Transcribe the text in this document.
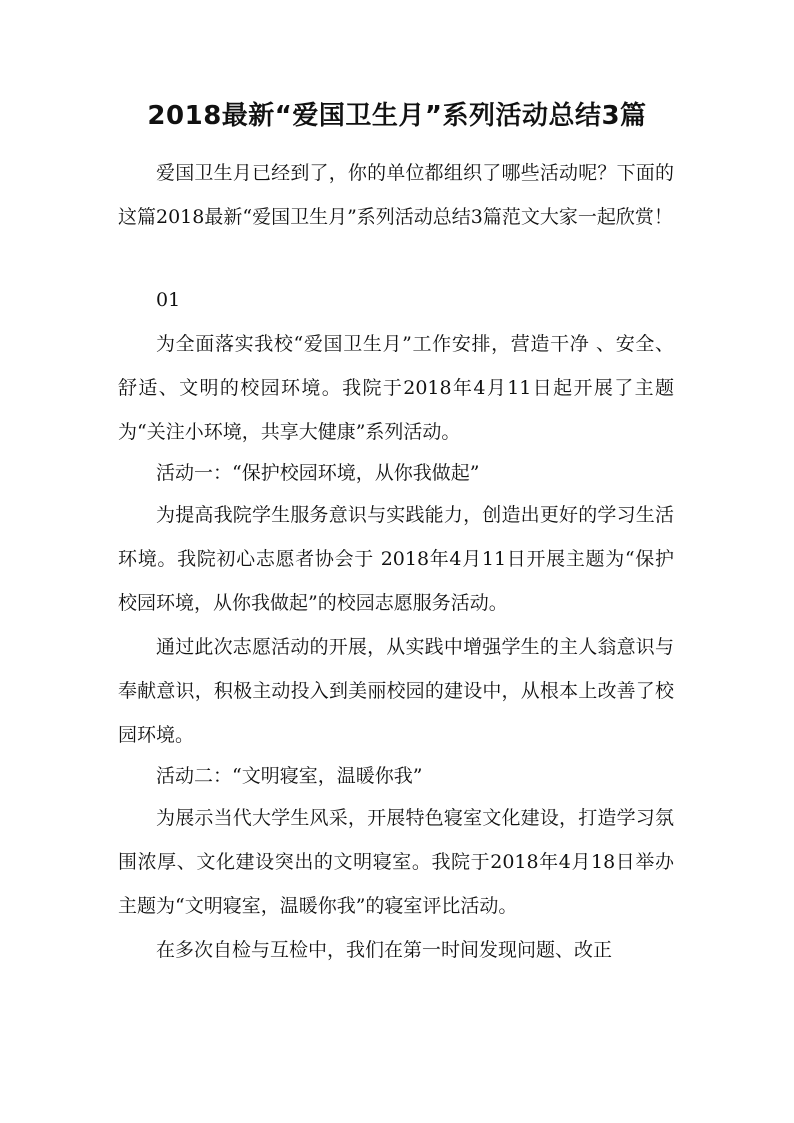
2018最新“爱国卫生月”系列活动总结3篇

爱国卫生月已经到了，你的单位都组织了哪些活动呢？下面的这篇2018最新“爱国卫生月”系列活动总结3篇范文大家一起欣赏！

01

为全面落实我校“爱国卫生月”工作安排，营造干净 、安全、舒适、文明的校园环境。我院于2018年4月11日起开展了主题为“关注小环境，共享大健康”系列活动。

活动一：“保护校园环境，从你我做起”

为提高我院学生服务意识与实践能力，创造出更好的学习生活环境。我院初心志愿者协会于 2018年4月11日开展主题为“保护校园环境，从你我做起”的校园志愿服务活动。

通过此次志愿活动的开展，从实践中增强学生的主人翁意识与奉献意识，积极主动投入到美丽校园的建设中，从根本上改善了校园环境。

活动二：“文明寝室，温暖你我”

为展示当代大学生风采，开展特色寝室文化建设，打造学习氛围浓厚、文化建设突出的文明寝室。我院于2018年4月18日举办主题为“文明寝室，温暖你我”的寝室评比活动。

在多次自检与互检中，我们在第一时间发现问题、改正
